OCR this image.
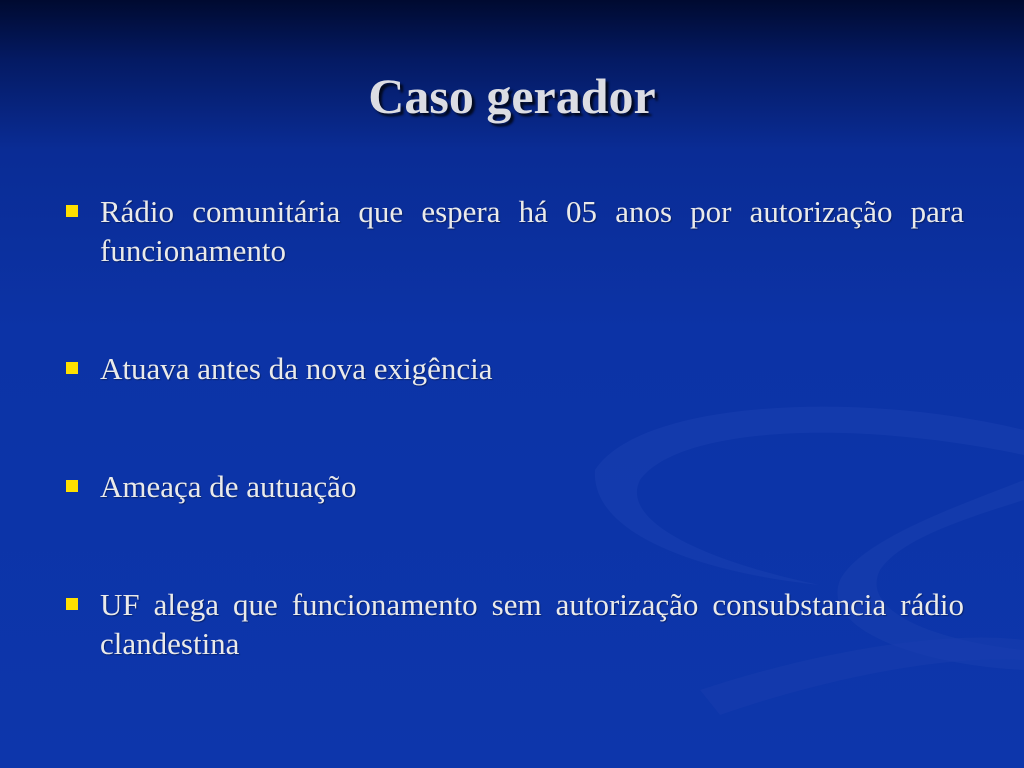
Caso gerador
Rádio comunitária que espera há 05 anos por autorização para funcionamento
Atuava antes da nova exigência
Ameaça de autuação
UF alega que funcionamento sem autorização consubstancia rádio clandestina
